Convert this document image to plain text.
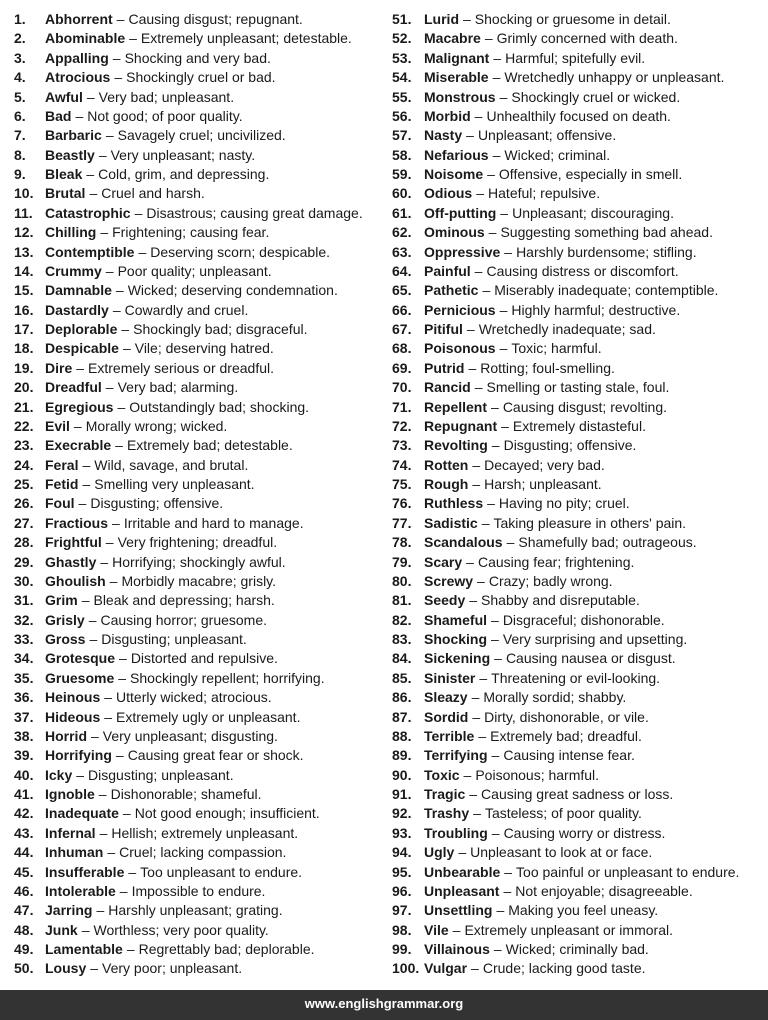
1. Abhorrent – Causing disgust; repugnant.
2. Abominable – Extremely unpleasant; detestable.
3. Appalling – Shocking and very bad.
4. Atrocious – Shockingly cruel or bad.
5. Awful – Very bad; unpleasant.
6. Bad – Not good; of poor quality.
7. Barbaric – Savagely cruel; uncivilized.
8. Beastly – Very unpleasant; nasty.
9. Bleak – Cold, grim, and depressing.
10. Brutal – Cruel and harsh.
11. Catastrophic – Disastrous; causing great damage.
12. Chilling – Frightening; causing fear.
13. Contemptible – Deserving scorn; despicable.
14. Crummy – Poor quality; unpleasant.
15. Damnable – Wicked; deserving condemnation.
16. Dastardly – Cowardly and cruel.
17. Deplorable – Shockingly bad; disgraceful.
18. Despicable – Vile; deserving hatred.
19. Dire – Extremely serious or dreadful.
20. Dreadful – Very bad; alarming.
21. Egregious – Outstandingly bad; shocking.
22. Evil – Morally wrong; wicked.
23. Execrable – Extremely bad; detestable.
24. Feral – Wild, savage, and brutal.
25. Fetid – Smelling very unpleasant.
26. Foul – Disgusting; offensive.
27. Fractious – Irritable and hard to manage.
28. Frightful – Very frightening; dreadful.
29. Ghastly – Horrifying; shockingly awful.
30. Ghoulish – Morbidly macabre; grisly.
31. Grim – Bleak and depressing; harsh.
32. Grisly – Causing horror; gruesome.
33. Gross – Disgusting; unpleasant.
34. Grotesque – Distorted and repulsive.
35. Gruesome – Shockingly repellent; horrifying.
36. Heinous – Utterly wicked; atrocious.
37. Hideous – Extremely ugly or unpleasant.
38. Horrid – Very unpleasant; disgusting.
39. Horrifying – Causing great fear or shock.
40. Icky – Disgusting; unpleasant.
41. Ignoble – Dishonorable; shameful.
42. Inadequate – Not good enough; insufficient.
43. Infernal – Hellish; extremely unpleasant.
44. Inhuman – Cruel; lacking compassion.
45. Insufferable – Too unpleasant to endure.
46. Intolerable – Impossible to endure.
47. Jarring – Harshly unpleasant; grating.
48. Junk – Worthless; very poor quality.
49. Lamentable – Regrettably bad; deplorable.
50. Lousy – Very poor; unpleasant.
51. Lurid – Shocking or gruesome in detail.
52. Macabre – Grimly concerned with death.
53. Malignant – Harmful; spitefully evil.
54. Miserable – Wretchedly unhappy or unpleasant.
55. Monstrous – Shockingly cruel or wicked.
56. Morbid – Unhealthily focused on death.
57. Nasty – Unpleasant; offensive.
58. Nefarious – Wicked; criminal.
59. Noisome – Offensive, especially in smell.
60. Odious – Hateful; repulsive.
61. Off-putting – Unpleasant; discouraging.
62. Ominous – Suggesting something bad ahead.
63. Oppressive – Harshly burdensome; stifling.
64. Painful – Causing distress or discomfort.
65. Pathetic – Miserably inadequate; contemptible.
66. Pernicious – Highly harmful; destructive.
67. Pitiful – Wretchedly inadequate; sad.
68. Poisonous – Toxic; harmful.
69. Putrid – Rotting; foul-smelling.
70. Rancid – Smelling or tasting stale, foul.
71. Repellent – Causing disgust; revolting.
72. Repugnant – Extremely distasteful.
73. Revolting – Disgusting; offensive.
74. Rotten – Decayed; very bad.
75. Rough – Harsh; unpleasant.
76. Ruthless – Having no pity; cruel.
77. Sadistic – Taking pleasure in others' pain.
78. Scandalous – Shamefully bad; outrageous.
79. Scary – Causing fear; frightening.
80. Screwy – Crazy; badly wrong.
81. Seedy – Shabby and disreputable.
82. Shameful – Disgraceful; dishonorable.
83. Shocking – Very surprising and upsetting.
84. Sickening – Causing nausea or disgust.
85. Sinister – Threatening or evil-looking.
86. Sleazy – Morally sordid; shabby.
87. Sordid – Dirty, dishonorable, or vile.
88. Terrible – Extremely bad; dreadful.
89. Terrifying – Causing intense fear.
90. Toxic – Poisonous; harmful.
91. Tragic – Causing great sadness or loss.
92. Trashy – Tasteless; of poor quality.
93. Troubling – Causing worry or distress.
94. Ugly – Unpleasant to look at or face.
95. Unbearable – Too painful or unpleasant to endure.
96. Unpleasant – Not enjoyable; disagreeable.
97. Unsettling – Making you feel uneasy.
98. Vile – Extremely unpleasant or immoral.
99. Villainous – Wicked; criminally bad.
100. Vulgar – Crude; lacking good taste.
www.englishgrammar.org
